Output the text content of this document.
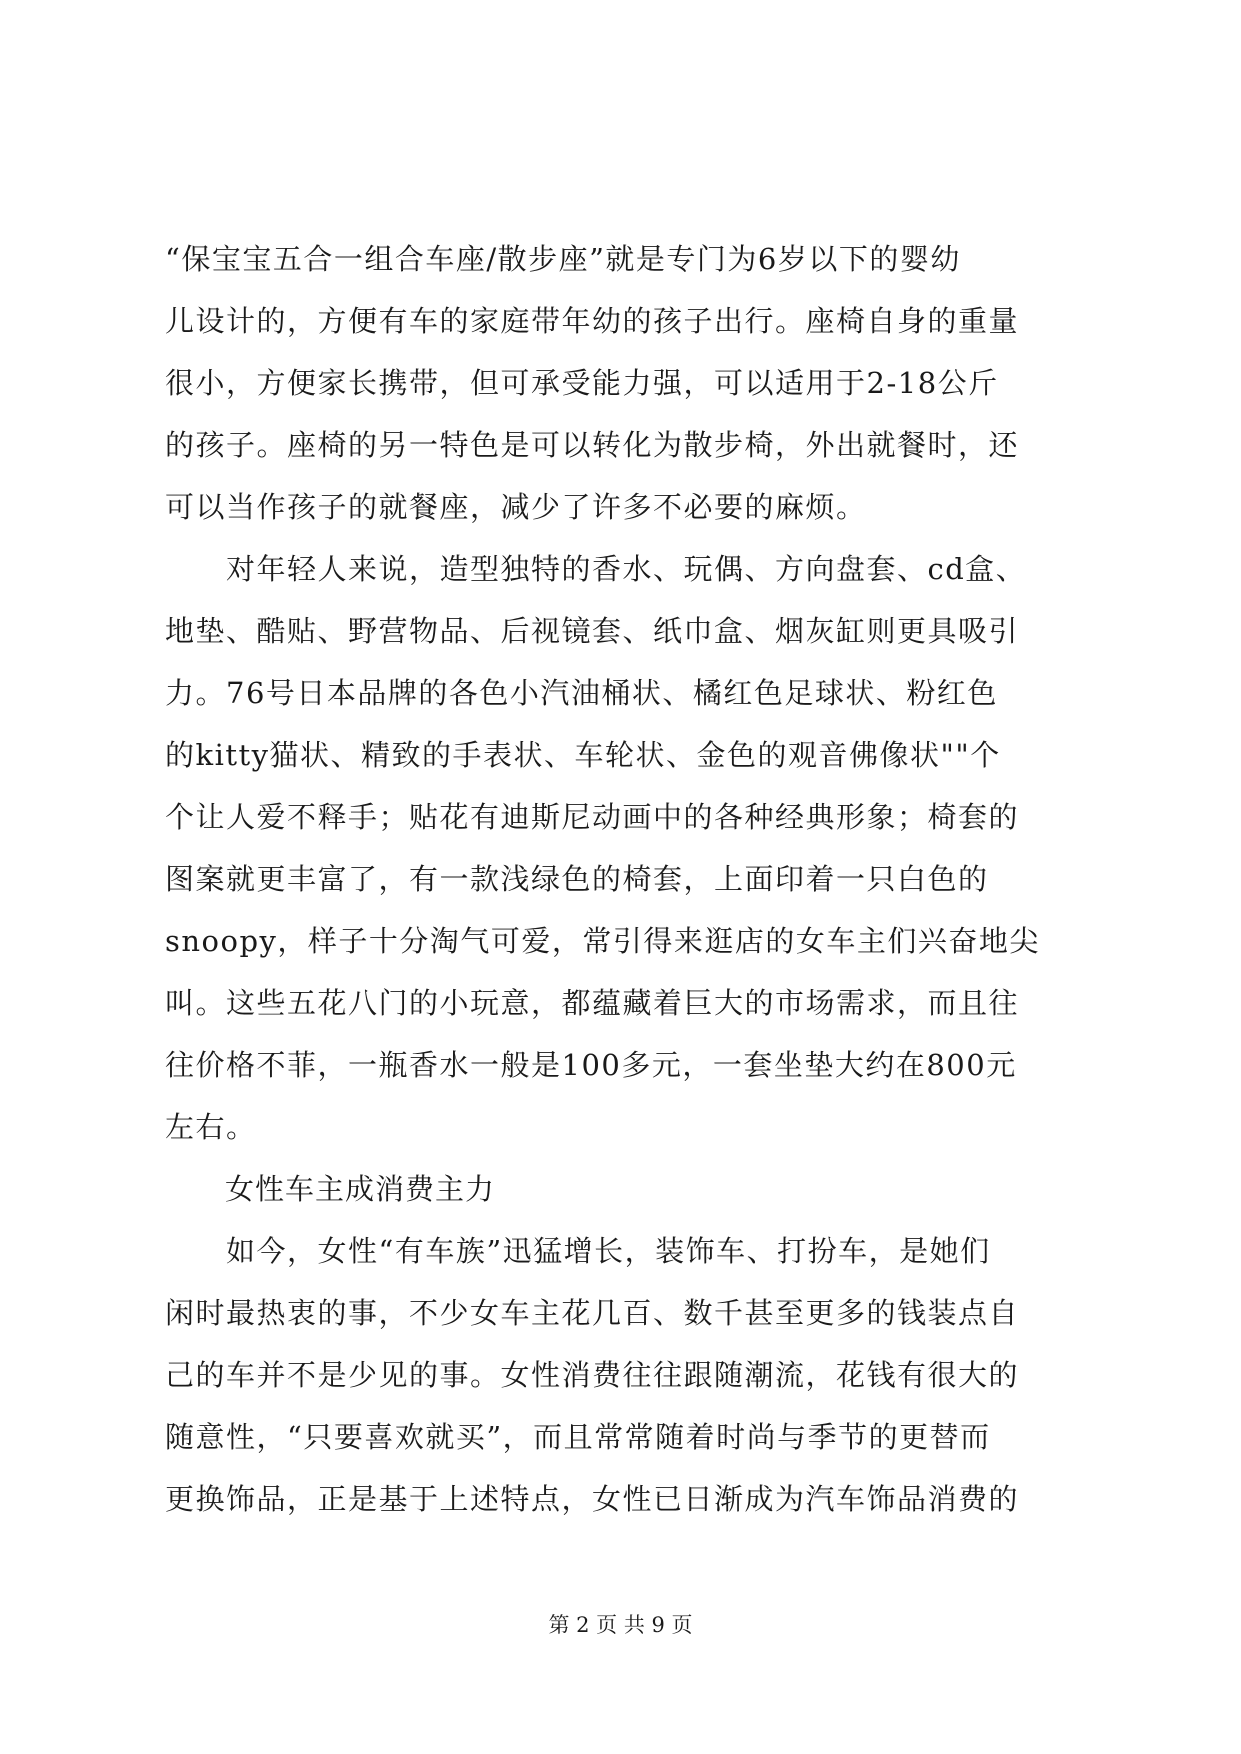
“保宝宝五合一组合车座/散步座”就是专门为6岁以下的婴幼
儿设计的，方便有车的家庭带年幼的孩子出行。座椅自身的重量
很小，方便家长携带，但可承受能力强，可以适用于2-18公斤
的孩子。座椅的另一特色是可以转化为散步椅，外出就餐时，还
可以当作孩子的就餐座，减少了许多不必要的麻烦。
　　对年轻人来说，造型独特的香水、玩偶、方向盘套、cd盒、
地垫、酷贴、野营物品、后视镜套、纸巾盒、烟灰缸则更具吸引
力。76号日本品牌的各色小汽油桶状、橘红色足球状、粉红色
的kitty猫状、精致的手表状、车轮状、金色的观音佛像状""个
个让人爱不释手；贴花有迪斯尼动画中的各种经典形象；椅套的
图案就更丰富了，有一款浅绿色的椅套，上面印着一只白色的
snoopy，样子十分淘气可爱，常引得来逛店的女车主们兴奋地尖
叫。这些五花八门的小玩意，都蕴藏着巨大的市场需求，而且往
往价格不菲，一瓶香水一般是100多元，一套坐垫大约在800元
左右。
　　女性车主成消费主力
　　如今，女性“有车族”迅猛增长，装饰车、打扮车，是她们
闲时最热衷的事，不少女车主花几百、数千甚至更多的钱装点自
己的车并不是少见的事。女性消费往往跟随潮流，花钱有很大的
随意性，“只要喜欢就买”，而且常常随着时尚与季节的更替而
更换饰品，正是基于上述特点，女性已日渐成为汽车饰品消费的
第 2 页 共 9 页
